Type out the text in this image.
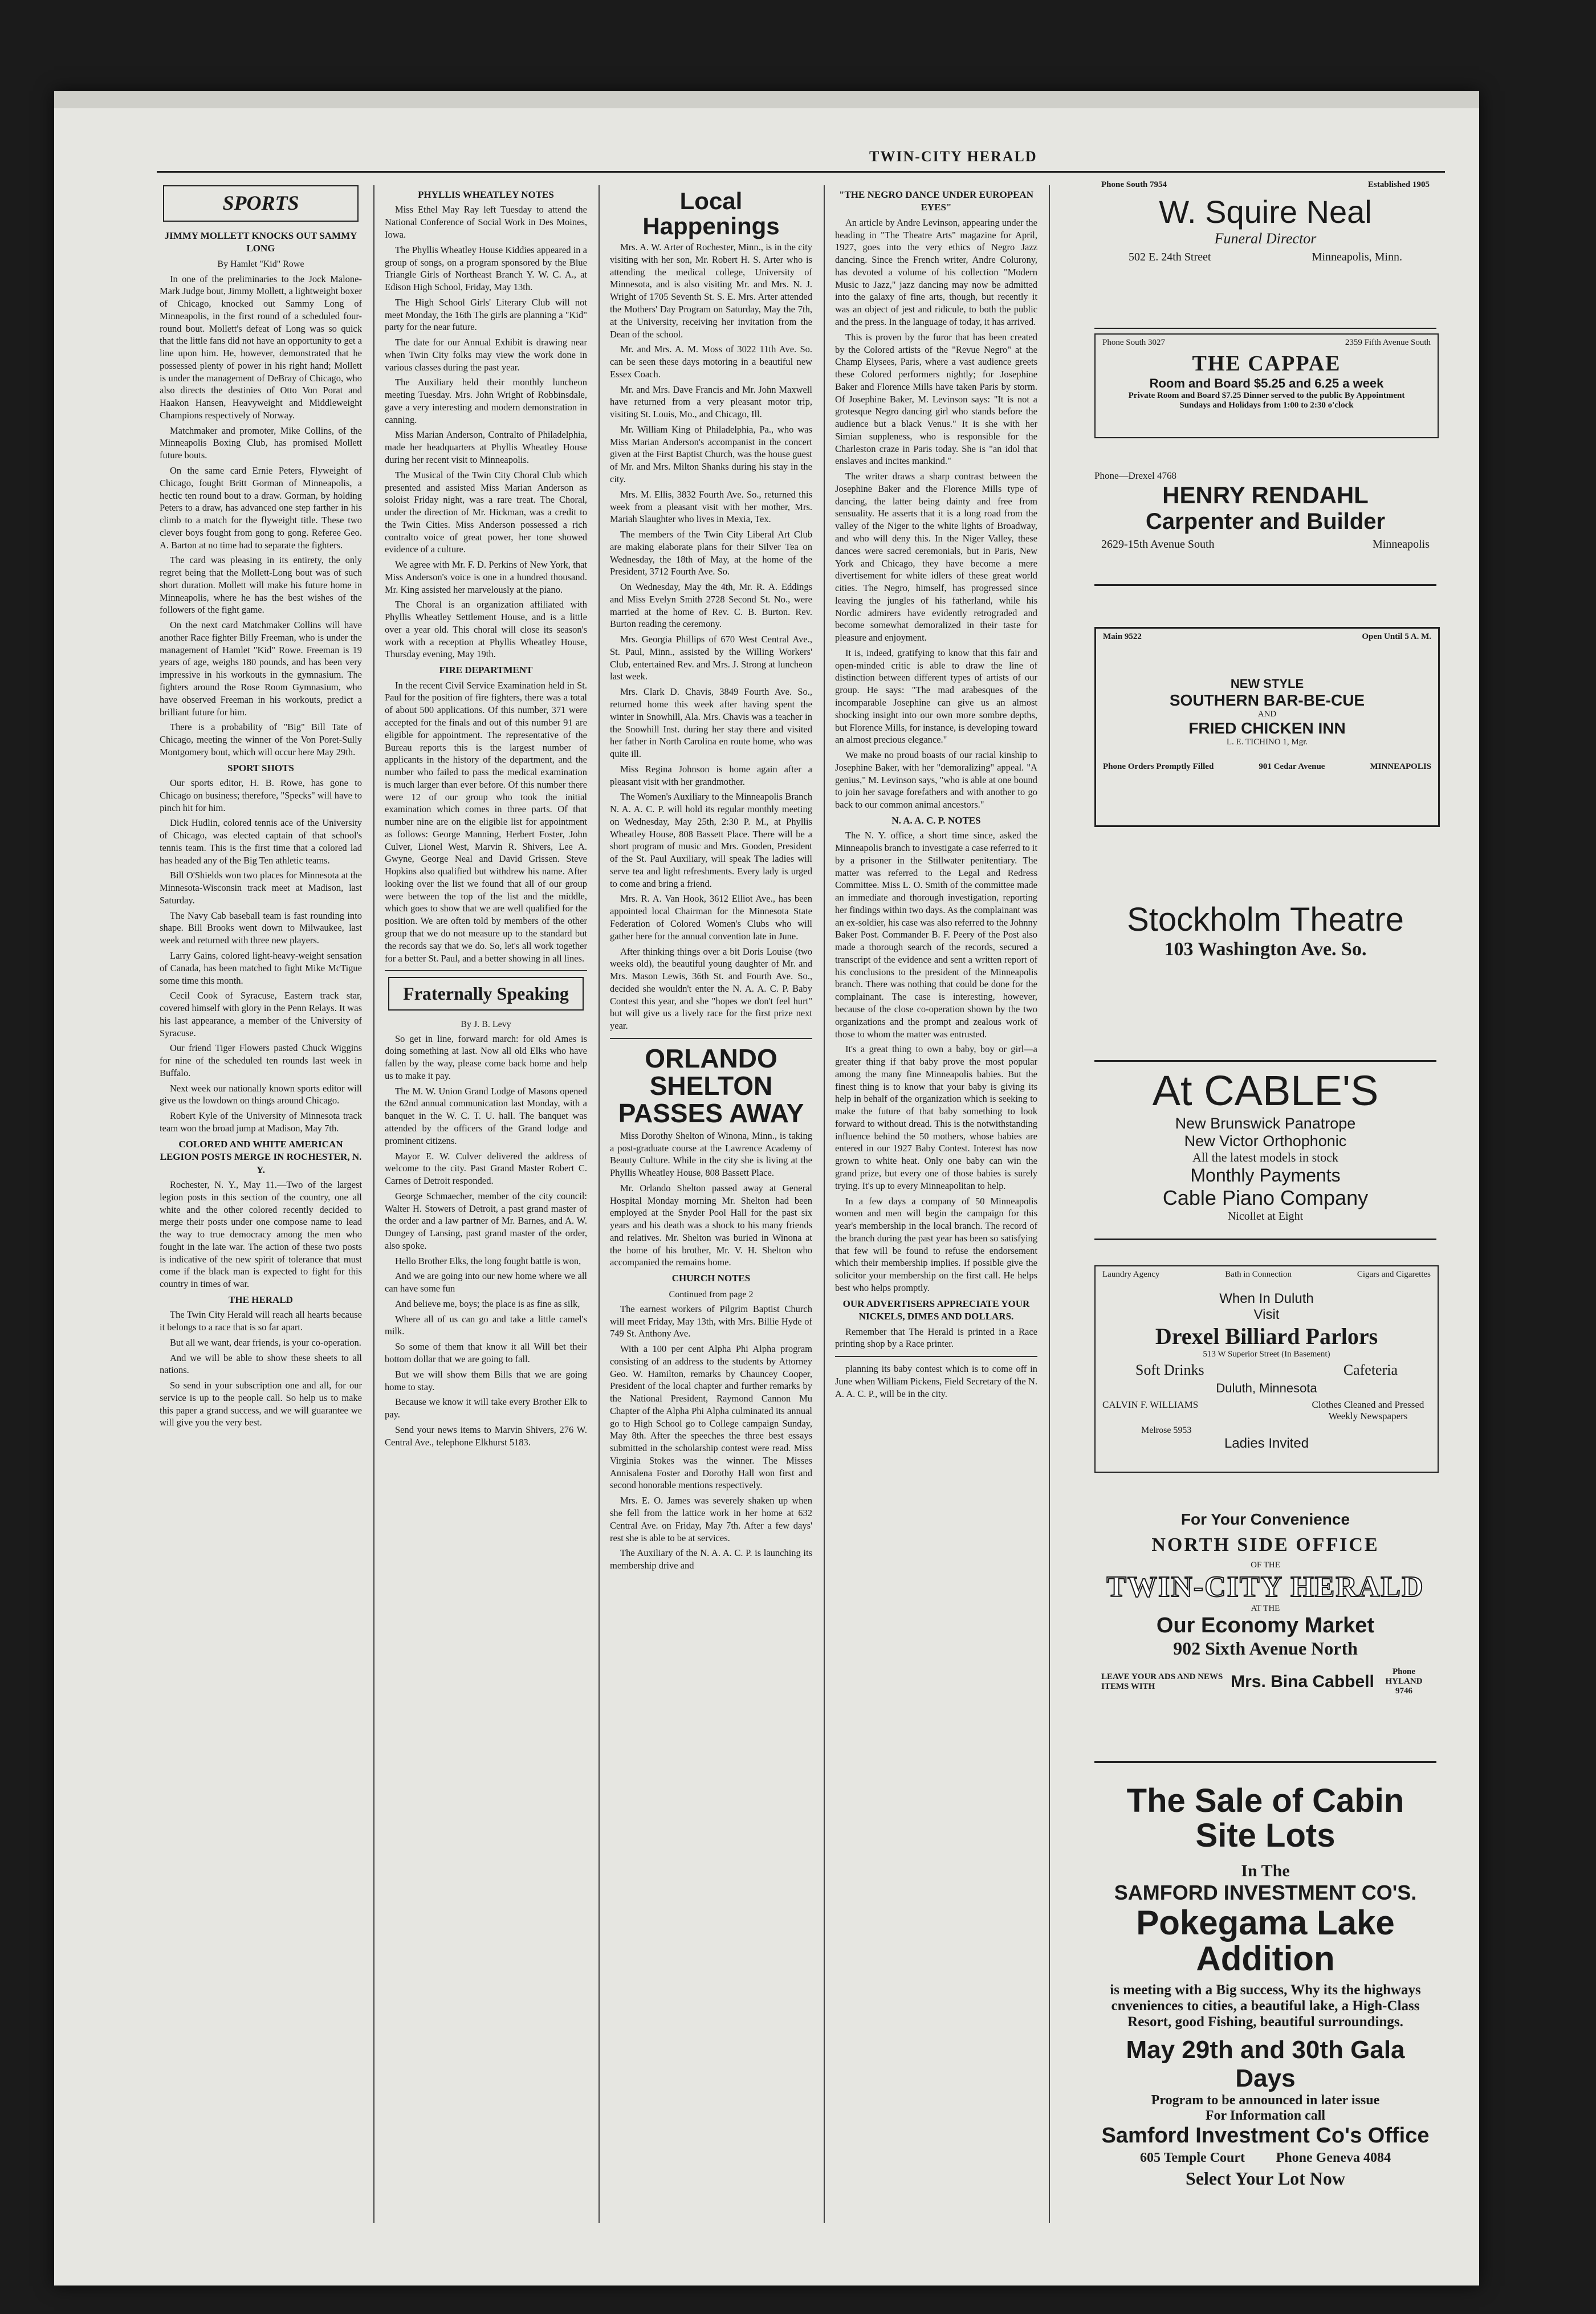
TWIN-CITY HERALD
SPORTS
JIMMY MOLLETT KNOCKS OUT SAMMY LONG
By Hamlet "Kid" Rowe

In one of the preliminaries to the Jock Malone-Mark Judge bout, Jimmy Mollett, a lightweight boxer of Chicago, knocked out Sammy Long of Minneapolis, in the first round of a scheduled four-round bout. Mollett's defeat of Long was so quick that the little fans did not have an opportunity to get a line upon him. He, however, demonstrated that he possessed plenty of power in his right hand; Mollett is under the management of DeBray of Chicago, who also directs the destinies of Otto Von Porat and Haakon Hansen, Heavyweight and Middleweight Champions respectively of Norway.

Matchmaker and promoter, Mike Collins, of the Minneapolis Boxing Club, has promised Mollett future bouts.

On the same card Ernie Peters, Flyweight of Chicago, fought Britt Gorman of Minneapolis, a hectic ten round bout to a draw. Gorman, by holding Peters to a draw, has advanced one step farther in his climb to a match for the flyweight title. These two clever boys fought from gong to gong. Referee Geo. A. Barton at no time had to separate the fighters.

The card was pleasing in its entirety, the only regret being that the Mollett-Long bout was of such short duration. Mollett will make his future home in Minneapolis, where he has the best wishes of the followers of the fight game.

On the next card Matchmaker Collins will have another Race fighter Billy Freeman, who is under the management of Hamlet "Kid" Rowe. Freeman is 19 years of age, weighs 180 pounds, and has been very impressive in his workouts in the gymnasium. The fighters around the Rose Room Gymnasium, who have observed Freeman in his workouts, predict a brilliant future for him.

There is a probability of "Big" Bill Tate of Chicago, meeting the winner of the Von Poret-Sully Montgomery bout, which will occur here May 29th.

SPORT SHOTS

Our sports editor, H. B. Rowe, has gone to Chicago on business; therefore, "Specks" will have to pinch hit for him.

Dick Hudlin, colored tennis ace of the University of Chicago, was elected captain of that school's tennis team. This is the first time that a colored lad has headed any of the Big Ten athletic teams.

Bill O'Shields won two places for Minnesota at the Minnesota-Wisconsin track meet at Madison, last Saturday.

The Navy Cab baseball team is fast rounding into shape. Bill Brooks went down to Milwaukee, last week and returned with three new players.

Larry Gains, colored light-heavy-weight sensation of Canada, has been matched to fight Mike McTigue some time this month.

Cecil Cook of Syracuse, Eastern track star, covered himself with glory in the Penn Relays. It was his last appearance, a member of the University of Syracuse.

Our friend Tiger Flowers pasted Chuck Wiggins for nine of the scheduled ten rounds last week in Buffalo.

Next week our nationally known sports editor will give us the lowdown on things around Chicago.

Robert Kyle of the University of Minnesota track team won the broad jump at Madison, May 7th.

COLORED AND WHITE AMERICAN LEGION POSTS MERGE IN ROCHESTER, N. Y.

Rochester, N. Y., May 11.—Two of the largest legion posts in this section of the country, one all white and the other colored recently decided to merge their posts under one compose name to lead the way to true democracy among the men who fought in the late war. The action of these two posts is indicative of the new spirit of tolerance that must come if the black man is expected to fight for this country in times of war.

THE HERALD

The Twin City Herald will reach all hearts because it belongs to a race that is so far apart.

But all we want, dear friends, is your co-operation.

And we will be able to show these sheets to all nations.

So send in your subscription one and all, for our service is up to the people call. So help us to make this paper a grand success, and we will guarantee we will give you the very best.

PHYLLIS WHEATLEY NOTES

Miss Ethel May Ray left Tuesday to attend the National Conference of Social Work in Des Moines, Iowa.

The Phyllis Wheatley House Kiddies appeared in a group of songs, on a program sponsored by the Blue Triangle Girls of Northeast Branch Y. W. C. A., at Edison High School, Friday, May 13th.

The High School Girls' Literary Club will not meet Monday, the 16th The girls are planning a "Kid" party for the near future.

The date for our Annual Exhibit is drawing near when Twin City folks may view the work done in various classes during the past year.

The Auxiliary held their monthly luncheon meeting Tuesday. Mrs. John Wright of Robbinsdale, gave a very interesting and modern demonstration in canning.

Miss Marian Anderson, Contralto of Philadelphia, made her headquarters at Phyllis Wheatley House during her recent visit to Minneapolis.

The Musical of the Twin City Choral Club which presented and assisted Miss Marian Anderson as soloist Friday night, was a rare treat. The Choral, under the direction of Mr. Hickman, was a credit to the Twin Cities. Miss Anderson possessed a rich contralto voice of great power, her tone showed evidence of a culture.

We agree with Mr. F. D. Perkins of New York, that Miss Anderson's voice is one in a hundred thousand. Mr. King assisted her marvelously at the piano.

The Choral is an organization affiliated with Phyllis Wheatley Settlement House, and is a little over a year old. This choral will close its season's work with a reception at Phyllis Wheatley House, Thursday evening, May 19th.

FIRE DEPARTMENT

In the recent Civil Service Examination held in St. Paul for the position of fire fighters, there was a total of about 500 applications. Of this number, 371 were accepted for the finals and out of this number 91 are eligible for appointment. The representative of the Bureau reports this is the largest number of applicants in the history of the department, and the number who failed to pass the medical examination is much larger than ever before. Of this number there were 12 of our group who took the initial examination which comes in three parts. Of that number nine are on the eligible list for appointment as follows: George Manning, Herbert Foster, John Culver, Lionel West, Marvin R. Shivers, Lee A. Gwyne, George Neal and David Grissen. Steve Hopkins also qualified but withdrew his name. After looking over the list we found that all of our group were between the top of the list and the middle, which goes to show that we are well qualified for the position. We are often told by members of the other group that we do not measure up to the standard but the records say that we do. So, let's all work together for a better St. Paul, and a better showing in all lines.

Fraternally Speaking
By J. B. Levy

So get in line, forward march: for old Ames is doing something at last. Now all old Elks who have fallen by the way, please come back home and help us to make it pay.

The M. W. Union Grand Lodge of Masons opened the 62nd annual communication last Monday, with a banquet in the W. C. T. U. hall. The banquet was attended by the officers of the Grand lodge and prominent citizens.

Mayor E. W. Culver delivered the address of welcome to the city. Past Grand Master Robert C. Carnes of Detroit responded.

George Schmaecher, member of the city council: Walter H. Stowers of Detroit, a past grand master of the order and a law partner of Mr. Barnes, and A. W. Dungey of Lansing, past grand master of the order, also spoke.

Hello Brother Elks, the long fought battle is won,

And we are going into our new home where we all can have some fun

And believe me, boys; the place is as fine as silk,

Where all of us can go and take a little camel's milk.

So some of them that know it all Will bet their bottom dollar that we are going to fall.

But we will show them Bills that we are going home to stay.

Because we know it will take every Brother Elk to pay.

Send your news items to Marvin Shivers, 276 W. Central Ave., telephone Elkhurst 5183.

Local Happenings

Mrs. A. W. Arter of Rochester, Minn., is in the city visiting with her son, Mr. Robert H. S. Arter who is attending the medical college, University of Minnesota, and is also visiting Mr. and Mrs. N. J. Wright of 1705 Seventh St. S. E. Mrs. Arter attended the Mothers' Day Program on Saturday, May the 7th, at the University, receiving her invitation from the Dean of the school.

Mr. and Mrs. A. M. Moss of 3022 11th Ave. So. can be seen these days motoring in a beautiful new Essex Coach.

Mr. and Mrs. Dave Francis and Mr. John Maxwell have returned from a very pleasant motor trip, visiting St. Louis, Mo., and Chicago, Ill.

Mr. William King of Philadelphia, Pa., who was Miss Marian Anderson's accompanist in the concert given at the First Baptist Church, was the house guest of Mr. and Mrs. Milton Shanks during his stay in the city.

Mrs. M. Ellis, 3832 Fourth Ave. So., returned this week from a pleasant visit with her mother, Mrs. Mariah Slaughter who lives in Mexia, Tex.

The members of the Twin City Liberal Art Club are making elaborate plans for their Silver Tea on Wednesday, the 18th of May, at the home of the President, 3712 Fourth Ave. So.

On Wednesday, May the 4th, Mr. R. A. Eddings and Miss Evelyn Smith 2728 Second St. No., were married at the home of Rev. C. B. Burton. Rev. Burton reading the ceremony.

Mrs. Georgia Phillips of 670 West Central Ave., St. Paul, Minn., assisted by the Willing Workers' Club, entertained Rev. and Mrs. J. Strong at luncheon last week.

Mrs. Clark D. Chavis, 3849 Fourth Ave. So., returned home this week after having spent the winter in Snowhill, Ala. Mrs. Chavis was a teacher in the Snowhill Inst. during her stay there and visited her father in North Carolina en route home, who was quite ill.

Miss Regina Johnson is home again after a pleasant visit with her grandmother.

The Women's Auxiliary to the Minneapolis Branch N. A. A. C. P. will hold its regular monthly meeting on Wednesday, May 25th, 2:30 P. M., at Phyllis Wheatley House, 808 Bassett Place. There will be a short program of music and Mrs. Gooden, President of the St. Paul Auxiliary, will speak The ladies will serve tea and light refreshments. Every lady is urged to come and bring a friend.

Mrs. R. A. Van Hook, 3612 Elliot Ave., has been appointed local Chairman for the Minnesota State Federation of Colored Women's Clubs who will gather here for the annual convention late in June.

After thinking things over a bit Doris Louise (two weeks old), the beautiful young daughter of Mr. and Mrs. Mason Lewis, 36th St. and Fourth Ave. So., decided she wouldn't enter the N. A. A. C. P. Baby Contest this year, and she "hopes we don't feel hurt" but will give us a lively race for the first prize next year.

ORLANDO SHELTON PASSES AWAY

Miss Dorothy Shelton of Winona, Minn., is taking a post-graduate course at the Lawrence Academy of Beauty Culture. While in the city she is living at the Phyllis Wheatley House, 808 Bassett Place.

Mr. Orlando Shelton passed away at General Hospital Monday morning Mr. Shelton had been employed at the Snyder Pool Hall for the past six years and his death was a shock to his many friends and relatives. Mr. Shelton was buried in Winona at the home of his brother, Mr. V. H. Shelton who accompanied the remains home.

CHURCH NOTES
Continued from page 2

The earnest workers of Pilgrim Baptist Church will meet Friday, May 13th, with Mrs. Billie Hyde of 749 St. Anthony Ave.

With a 100 per cent Alpha Phi Alpha program consisting of an address to the students by Attorney Geo. W. Hamilton, remarks by Chauncey Cooper, President of the local chapter and further remarks by the National President, Raymond Cannon Mu Chapter of the Alpha Phi Alpha culminated its annual go to High School go to College campaign Sunday, May 8th. After the speeches the three best essays submitted in the scholarship contest were read. Miss Virginia Stokes was the winner. The Misses Annisalena Foster and Dorothy Hall won first and second honorable mentions respectively.

Mrs. E. O. James was severely shaken up when she fell from the lattice work in her home at 632 Central Ave. on Friday, May 7th. After a few days' rest she is able to be at services.

The Auxiliary of the N. A. A. C. P. is launching its membership drive and

"THE NEGRO DANCE UNDER EUROPEAN EYES"

An article by Andre Levinson, appearing under the heading in "The Theatre Arts" magazine for April, 1927, goes into the very ethics of Negro Jazz dancing. Since the French writer, Andre Colurony, has devoted a volume of his collection "Modern Music to Jazz," jazz dancing may now be admitted into the galaxy of fine arts, though, but recently it was an object of jest and ridicule, to both the public and the press. In the language of today, it has arrived.

This is proven by the furor that has been created by the Colored artists of the "Revue Negro" at the Champ Elysees, Paris, where a vast audience greets these Colored performers nightly; for Josephine Baker and Florence Mills have taken Paris by storm. Of Josephine Baker, M. Levinson says: "It is not a grotesque Negro dancing girl who stands before the audience but a black Venus." It is she with her Simian suppleness, who is responsible for the Charleston craze in Paris today. She is "an idol that enslaves and incites mankind."

The writer draws a sharp contrast between the Josephine Baker and the Florence Mills type of dancing, the latter being dainty and free from sensuality. He asserts that it is a long road from the valley of the Niger to the white lights of Broadway, and who will deny this. In the Niger Valley, these dances were sacred ceremonials, but in Paris, New York and Chicago, they have become a mere divertisement for white idlers of these great world cities. The Negro, himself, has progressed since leaving the jungles of his fatherland, while his Nordic admirers have evidently retrograded and become somewhat demoralized in their taste for pleasure and enjoyment.

It is, indeed, gratifying to know that this fair and open-minded critic is able to draw the line of distinction between different types of artists of our group. He says: "The mad arabesques of the incomparable Josephine can give us an almost shocking insight into our own more sombre depths, but Florence Mills, for instance, is developing toward an almost precious elegance."

We make no proud boasts of our racial kinship to Josephine Baker, with her "demoralizing" appeal. "A genius," M. Levinson says, "who is able at one bound to join her savage forefathers and with another to go back to our common animal ancestors."

N. A. A. C. P. NOTES

The N. Y. office, a short time since, asked the Minneapolis branch to investigate a case referred to it by a prisoner in the Stillwater penitentiary. The matter was referred to the Legal and Redress Committee. Miss L. O. Smith of the committee made an immediate and thorough investigation, reporting her findings within two days. As the complainant was an ex-soldier, his case was also referred to the Johnny Baker Post. Commander B. F. Peery of the Post also made a thorough search of the records, secured a transcript of the evidence and sent a written report of his conclusions to the president of the Minneapolis branch. There was nothing that could be done for the complainant. The case is interesting, however, because of the close co-operation shown by the two organizations and the prompt and zealous work of those to whom the matter was entrusted.

It's a great thing to own a baby, boy or girl—a greater thing if that baby prove the most popular among the many fine Minneapolis babies. But the finest thing is to know that your baby is giving its help in behalf of the organization which is seeking to make the future of that baby something to look forward to without dread. This is the notwithstanding influence behind the 50 mothers, whose babies are entered in our 1927 Baby Contest. Interest has now grown to white heat. Only one baby can win the grand prize, but every one of those babies is surely trying. It's up to every Minneapolitan to help.

In a few days a company of 50 Minneapolis women and men will begin the campaign for this year's membership in the local branch. The record of the branch during the past year has been so satisfying that few will be found to refuse the endorsement which their membership implies. If possible give the solicitor your membership on the first call. He helps best who helps promptly.

OUR ADVERTISERS APPRECIATE YOUR NICKELS, DIMES AND DOLLARS.

Remember that The Herald is printed in a Race printing shop by a Race printer.

planning its baby contest which is to come off in June when William Pickens, Field Secretary of the N. A. A. C. P., will be in the city.

Phone South 7954	Established 1905
W. Squire Neal
Funeral Director
502 E. 24th Street	Minneapolis, Minn.
Phone South 3027	2359 Fifth Avenue South
THE CAPPAE
Room and Board $5.25 and 6.25 a week
Private Room and Board $7.25 Dinner served to the public By Appointment
Sundays and Holidays from 1:00 to 2:30 o'clock
Phone—Drexel 4768
HENRY RENDAHL
Carpenter and Builder
2629-15th Avenue South	Minneapolis
Main 9522	Open Until 5 A. M.
NEW STYLE
SOUTHERN BAR-BE-CUE
AND
FRIED CHICKEN INN
L. E. TICHINO 1, Mgr.
Phone Orders Promptly Filled	901 Cedar Avenue	MINNEAPOLIS
Stockholm Theatre
103 Washington Ave. So.
At CABLE'S
New Brunswick Panatrope
New Victor Orthophonic
All the latest models in stock
Monthly Payments
Cable Piano Company
Nicollet at Eight
Laundry Agency	Bath in Connection	Cigars and Cigarettes
When In Duluth
Visit
Drexel Billiard Parlors
513 W Superior Street (In Basement)
Soft Drinks	Cafeteria
Duluth, Minnesota
CALVIN F. WILLIAMS	Clothes Cleaned and Pressed Weekly Newspapers
Melrose 5953
Ladies Invited
For Your Convenience
NORTH SIDE OFFICE
OF THE
TWIN-CITY HERALD
AT THE
Our Economy Market
902 Sixth Avenue North
LEAVE YOUR ADS AND NEWS ITEMS WITH	Mrs. Bina Cabbell
Phone HYLAND 9746
The Sale of Cabin Site Lots
In The
SAMFORD INVESTMENT CO'S.
Pokegama Lake Addition
is meeting with a Big success, Why its the highways cnveniences to cities, a beautiful lake, a High-Class Resort, good Fishing, beautiful surroundings.
May 29th and 30th Gala Days
Program to be announced in later issue
For Information call
Samford Investment Co's Office
605 Temple Court Phone Geneva 4084
Select Your Lot Now
